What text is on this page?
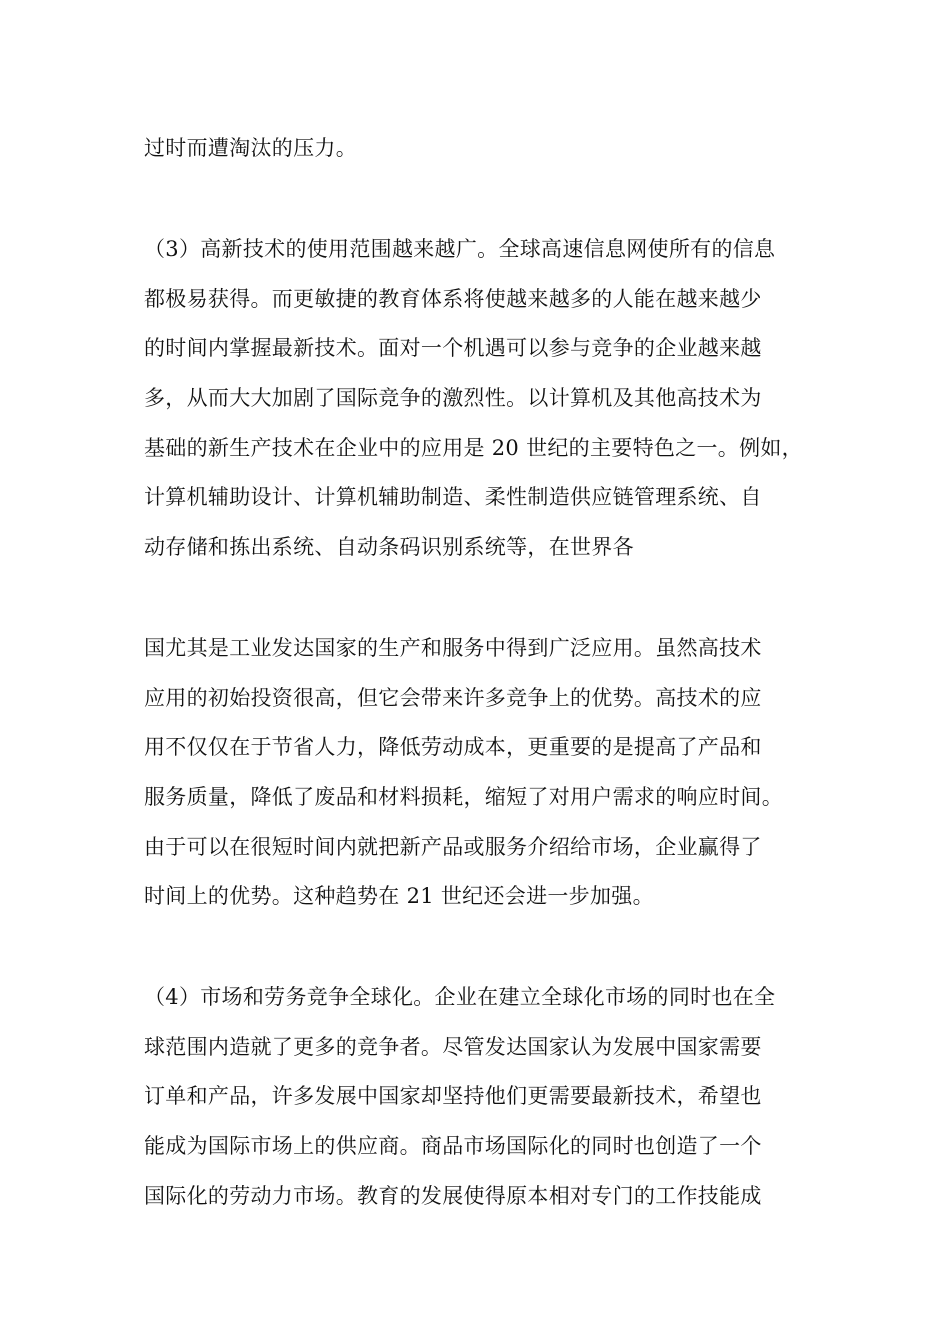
过时而遭淘汰的压力。
（3）高新技术的使用范围越来越广。全球高速信息网使所有的信息
都极易获得。而更敏捷的教育体系将使越来越多的人能在越来越少
的时间内掌握最新技术。面对一个机遇可以参与竞争的企业越来越
多，从而大大加剧了国际竞争的激烈性。以计算机及其他高技术为
基础的新生产技术在企业中的应用是 20 世纪的主要特色之一。例如，
计算机辅助设计、计算机辅助制造、柔性制造供应链管理系统、自
动存储和拣出系统、自动条码识别系统等，在世界各
国尤其是工业发达国家的生产和服务中得到广泛应用。虽然高技术
应用的初始投资很高，但它会带来许多竞争上的优势。高技术的应
用不仅仅在于节省人力，降低劳动成本，更重要的是提高了产品和
服务质量，降低了废品和材料损耗，缩短了对用户需求的响应时间。
由于可以在很短时间内就把新产品或服务介绍给市场，企业赢得了
时间上的优势。这种趋势在 21 世纪还会进一步加强。
（4）市场和劳务竞争全球化。企业在建立全球化市场的同时也在全
球范围内造就了更多的竞争者。尽管发达国家认为发展中国家需要
订单和产品，许多发展中国家却坚持他们更需要最新技术，希望也
能成为国际市场上的供应商。商品市场国际化的同时也创造了一个
国际化的劳动力市场。教育的发展使得原本相对专门的工作技能成
